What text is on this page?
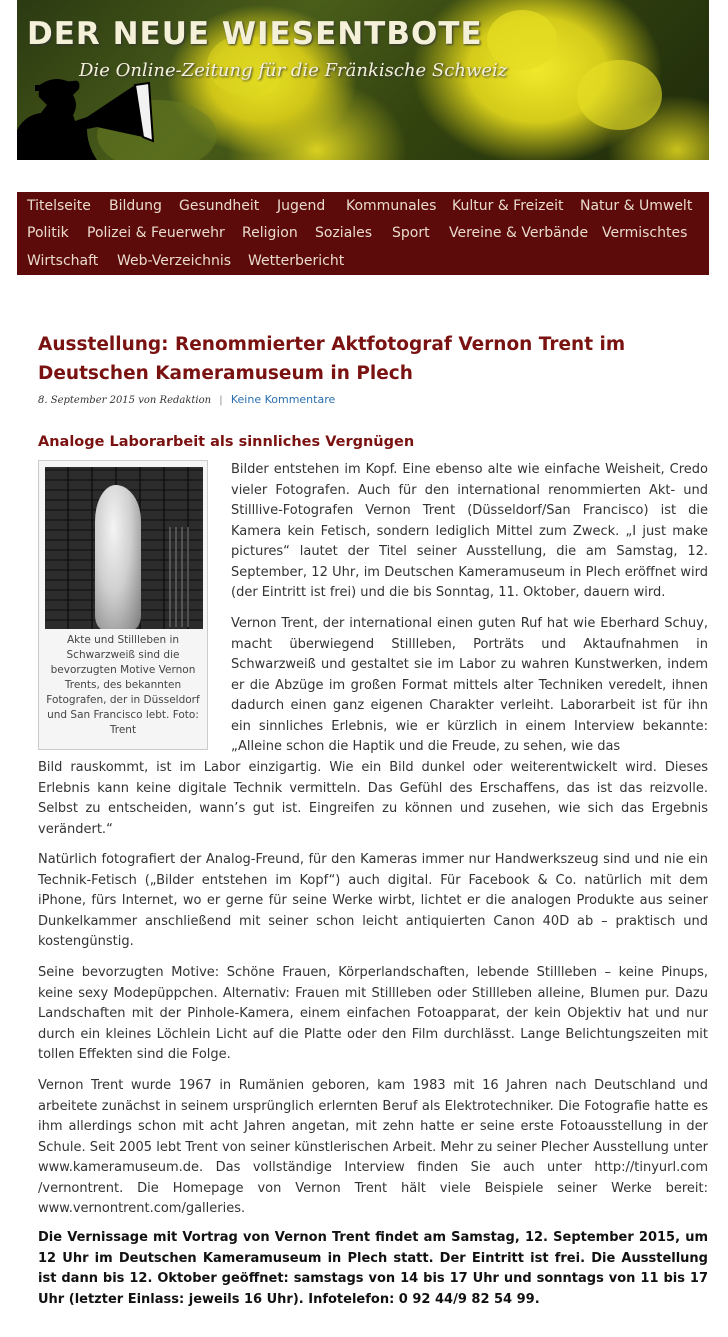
DER NEUE WIESENTBOTE

Die Online-Zeitung für die Fränkische Schweiz

Titelseite Bildung Gesundheit Jugend Kommunales Kultur & Freizeit Natur & Umwelt
Politik Polizei & Feuerwehr Religion Soziales Sport Vereine & Verbände Vermischtes
Wirtschaft Web-Verzeichnis Wetterbericht
Ausstellung: Renommierter Aktfotograf Vernon Trent im Deutschen Kameramuseum in Plech
8. September 2015 von Redaktion | Keine Kommentare
Analoge Laborarbeit als sinnliches Vergnügen
Akte und Stillleben in Schwarzweiß sind die bevorzugten Motive Vernon Trents, des bekannten Fotografen, der in Düsseldorf und San Francisco lebt. Foto: Trent

Bilder entstehen im Kopf. Eine ebenso alte wie einfache Weisheit, Credo vieler Fotografen. Auch für den international renommierten Akt- und Stilllive-Fotografen Vernon Trent (Düsseldorf/San Francisco) ist die Kamera kein Fetisch, sondern lediglich Mittel zum Zweck. „I just make pictures“ lautet der Titel seiner Ausstellung, die am Samstag, 12. September, 12 Uhr, im Deutschen Kameramuseum in Plech eröffnet wird (der Eintritt ist frei) und die bis Sonntag, 11. Oktober, dauern wird.

Vernon Trent, der international einen guten Ruf hat wie Eberhard Schuy, macht überwiegend Stillleben, Porträts und Aktaufnahmen in Schwarzweiß und gestaltet sie im Labor zu wahren Kunstwerken, indem er die Abzüge im großen Format mittels alter Techniken veredelt, ihnen dadurch einen ganz eigenen Charakter verleiht. Laborarbeit ist für ihn ein sinnliches Erlebnis, wie er kürzlich in einem Interview bekannte: „Alleine schon die Haptik und die Freude, zu sehen, wie das

Bild rauskommt, ist im Labor einzigartig. Wie ein Bild dunkel oder weiterentwickelt wird. Dieses Erlebnis kann keine digitale Technik vermitteln. Das Gefühl des Erschaffens, das ist das reizvolle. Selbst zu entscheiden, wann’s gut ist. Eingreifen zu können und zusehen, wie sich das Ergebnis verändert.“

Natürlich fotografiert der Analog-Freund, für den Kameras immer nur Handwerkszeug sind und nie ein Technik-Fetisch („Bilder entstehen im Kopf“) auch digital. Für Facebook & Co. natürlich mit dem iPhone, fürs Internet, wo er gerne für seine Werke wirbt, lichtet er die analogen Produkte aus seiner Dunkelkammer anschließend mit seiner schon leicht antiquierten Canon 40D ab – praktisch und kostengünstig.

Seine bevorzugten Motive: Schöne Frauen, Körperlandschaften, lebende Stillleben – keine Pinups, keine sexy Modepüppchen. Alternativ: Frauen mit Stillleben oder Stillleben alleine, Blumen pur. Dazu Landschaften mit der Pinhole-Kamera, einem einfachen Fotoapparat, der kein Objektiv hat und nur durch ein kleines Löchlein Licht auf die Platte oder den Film durchlässt. Lange Belichtungszeiten mit tollen Effekten sind die Folge.

Vernon Trent wurde 1967 in Rumänien geboren, kam 1983 mit 16 Jahren nach Deutschland und arbeitete zunächst in seinem ursprünglich erlernten Beruf als Elektrotechniker. Die Fotografie hatte es ihm allerdings schon mit acht Jahren angetan, mit zehn hatte er seine erste Fotoausstellung in der Schule. Seit 2005 lebt Trent von seiner künstlerischen Arbeit. Mehr zu seiner Plecher Ausstellung unter www.kameramuseum.de. Das vollständige Interview finden Sie auch unter http://tinyurl.com /vernontrent. Die Homepage von Vernon Trent hält viele Beispiele seiner Werke bereit: www.vernontrent.com/galleries.

Die Vernissage mit Vortrag von Vernon Trent findet am Samstag, 12. September 2015, um 12 Uhr im Deutschen Kameramuseum in Plech statt. Der Eintritt ist frei. Die Ausstellung ist dann bis 12. Oktober geöffnet: samstags von 14 bis 17 Uhr und sonntags von 11 bis 17 Uhr (letzter Einlass: jeweils 16 Uhr). Infotelefon: 0 92 44/9 82 54 99.
